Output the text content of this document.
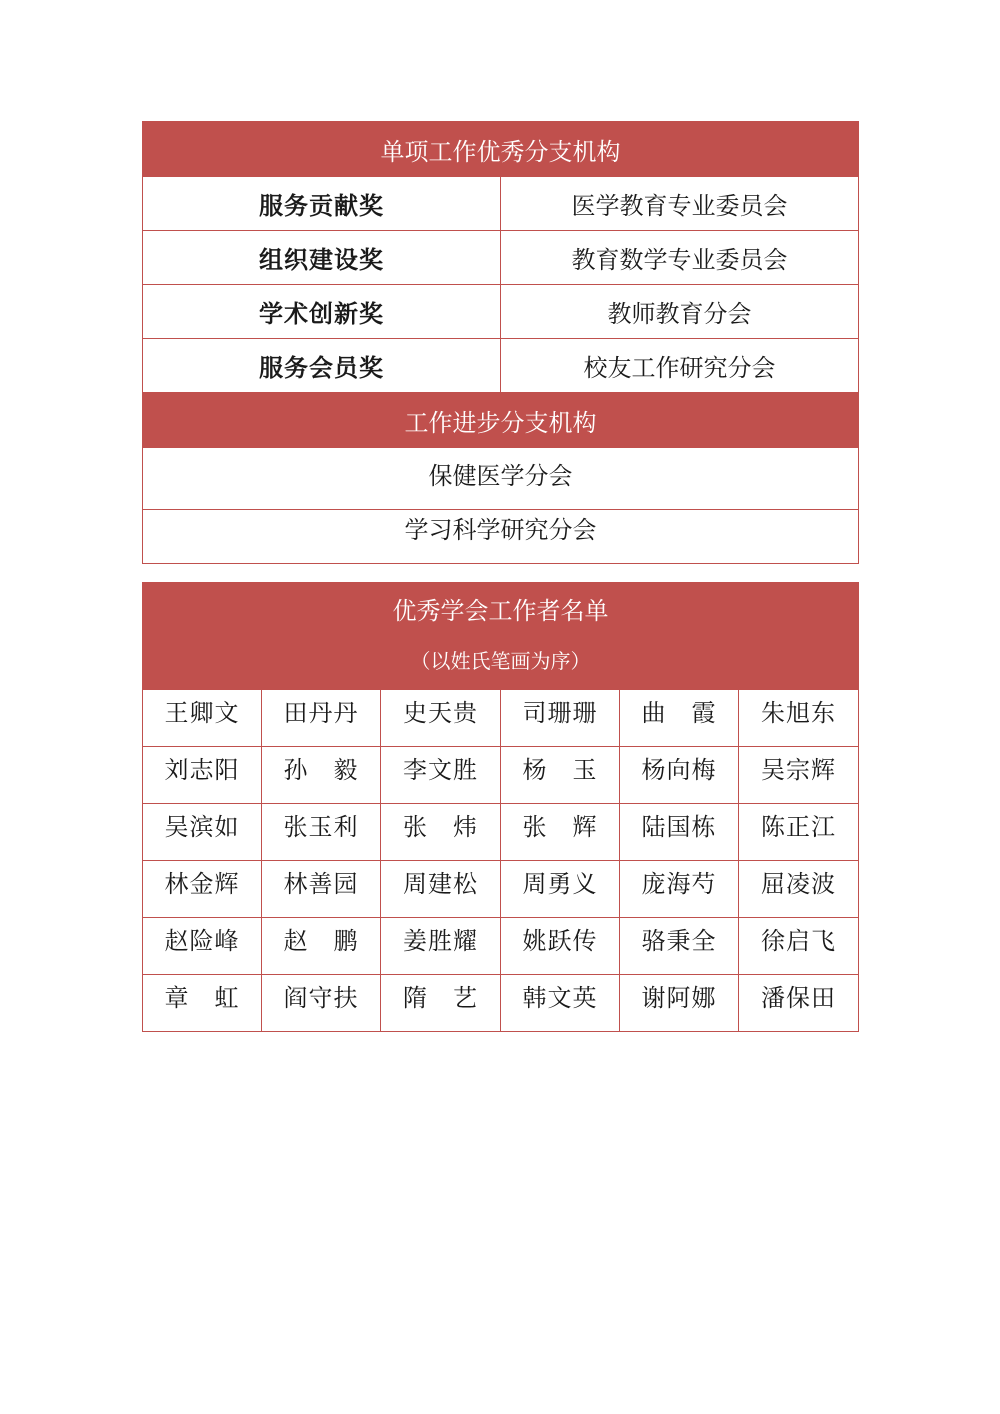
单项工作优秀分支机构	
服务贡献奖	医学教育专业委员会
组织建设奖	教育数学专业委员会
学术创新奖	教师教育分会
服务会员奖	校友工作研究分会
工作进步分支机构	
保健医学分会	
学习科学研究分会	
优秀学会工作者名单
（以姓氏笔画为序）					

王卿文	田丹丹	史天贵	司珊珊	曲　霞	朱旭东
刘志阳	孙　毅	李文胜	杨　玉	杨向梅	吴宗辉
吴滨如	张玉利	张　炜	张　辉	陆国栋	陈正江
林金辉	林善园	周建松	周勇义	庞海芍	屈凌波
赵险峰	赵　鹏	姜胜耀	姚跃传	骆秉全	徐启飞
章　虹	阎守扶	隋　艺	韩文英	谢阿娜	潘保田
